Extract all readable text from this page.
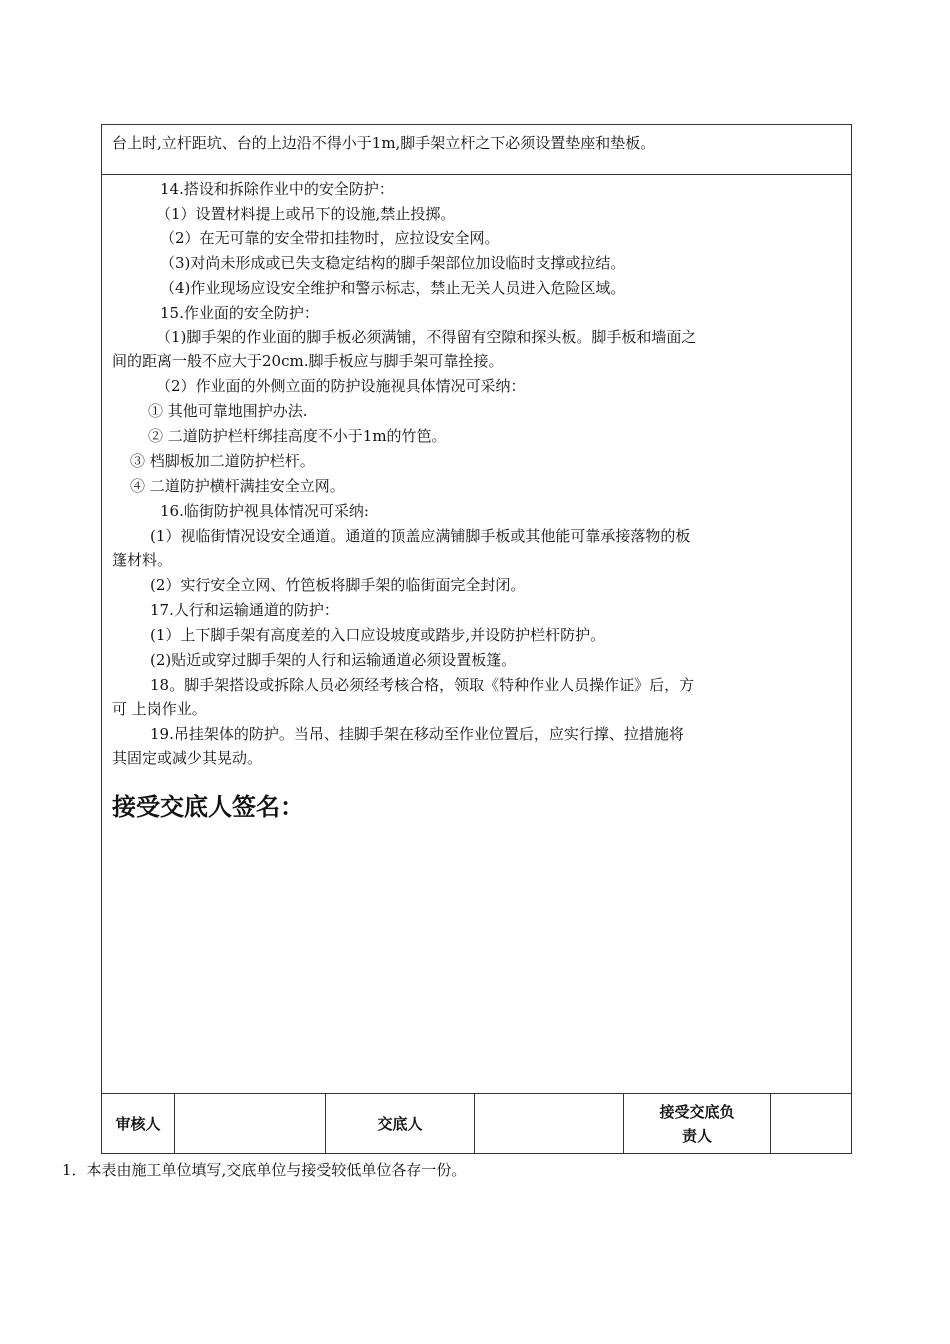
台上时,立杆距坑、台的上边沿不得小于1m,脚手架立杆之下必须设置垫座和垫板。

14.搭设和拆除作业中的安全防护：
（1）设置材料提上或吊下的设施,禁止投掷。
（2）在无可靠的安全带扣挂物时，应拉设安全网。
（3)对尚未形成或已失支稳定结构的脚手架部位加设临时支撑或拉结。
（4)作业现场应设安全维护和警示标志，禁止无关人员进入危险区域。
15.作业面的安全防护：
（1)脚手架的作业面的脚手板必须满铺，不得留有空隙和探头板。脚手板和墙面之
间的距离一般不应大于20cm.脚手板应与脚手架可靠拴接。
（2）作业面的外侧立面的防护设施视具体情况可采纳：
① 其他可靠地围护办法.
② 二道防护栏杆绑挂高度不小于1m的竹笆。
③ 档脚板加二道防护栏杆。
④ 二道防护横杆满挂安全立网。
16.临街防护视具体情况可采纳:
(1）视临街情况设安全通道。通道的顶盖应满铺脚手板或其他能可靠承接落物的板
篷材料。
(2）实行安全立网、竹笆板将脚手架的临街面完全封闭。
17.人行和运输通道的防护：
(1）上下脚手架有高度差的入口应设坡度或踏步,并设防护栏杆防护。
(2)贴近或穿过脚手架的人行和运输通道必须设置板篷。
18。脚手架搭设或拆除人员必须经考核合格，领取《特种作业人员操作证》后，方
可 上岗作业。
19.吊挂架体的防护。当吊、挂脚手架在移动至作业位置后，应实行撑、拉措施将
其固定或减少其晃动。
接受交底人签名：
审核人	交底人
接受交底负
责人
1．本表由施工单位填写,交底单位与接受较低单位各存一份。
